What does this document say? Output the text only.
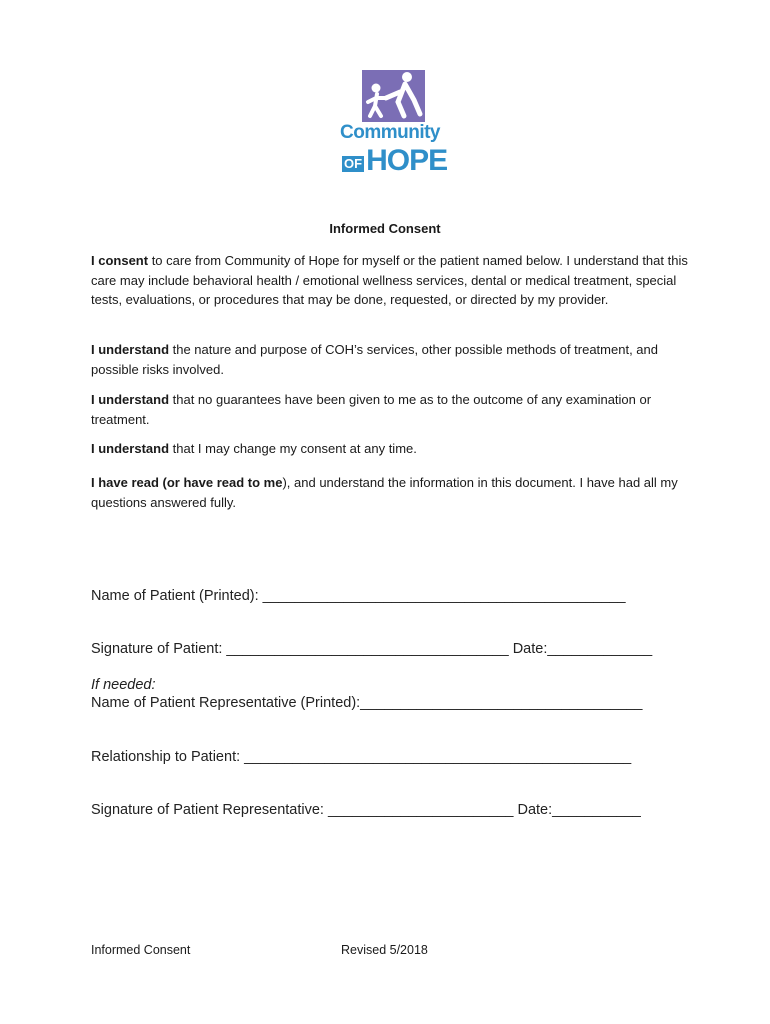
Community
OF HOPE
Informed Consent

I consent to care from Community of Hope for myself or the patient named below. I understand that this care may include behavioral health / emotional wellness services, dental or medical treatment, special tests, evaluations, or procedures that may be done, requested, or directed by my provider.

I understand the nature and purpose of COH’s services, other possible methods of treatment, and possible risks involved.

I understand that no guarantees have been given to me as to the outcome of any examination or treatment.

I understand that I may change my consent at any time.

I have read (or have read to me), and understand the information in this document. I have had all my questions answered fully.

Name of Patient (Printed): _____________________________________________
Signature of Patient: ___________________________________ Date:_____________
If needed:
Name of Patient Representative (Printed):___________________________________
Relationship to Patient: ________________________________________________
Signature of Patient Representative: _______________________ Date:___________
Informed Consent	Revised 5/2018
